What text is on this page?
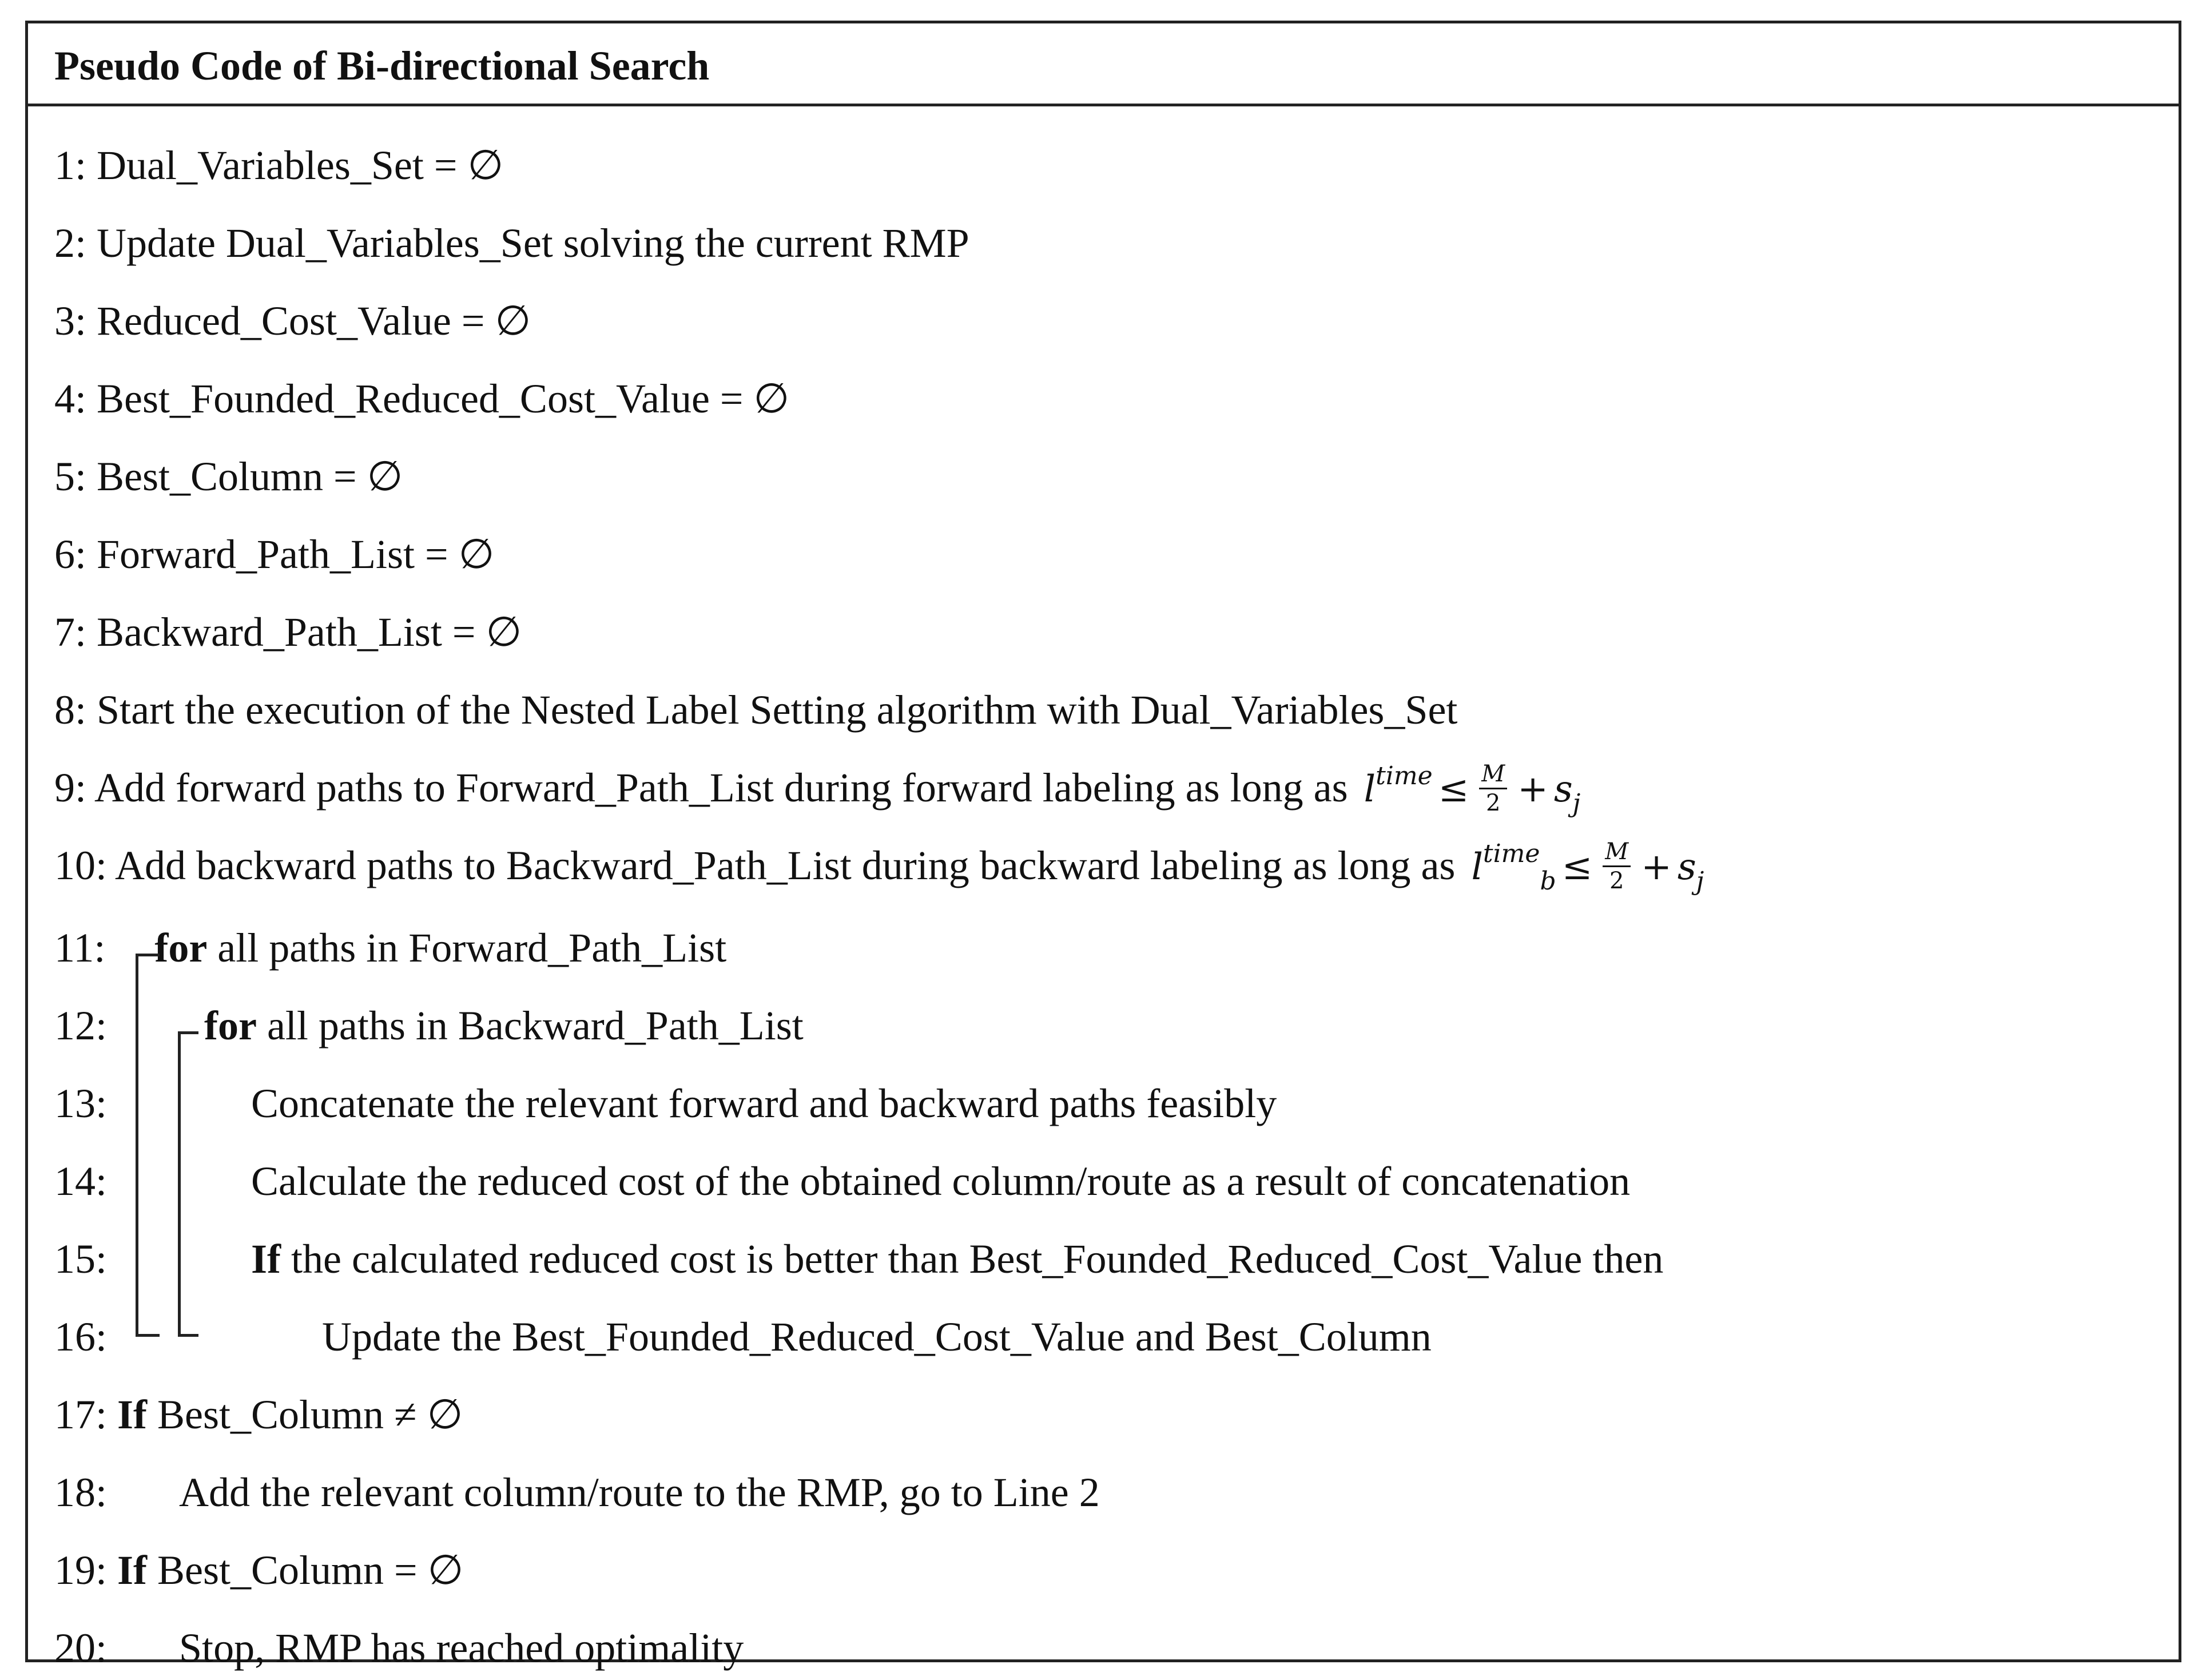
Pseudo Code of Bi-directional Search
1: Dual_Variables_Set = ∅
2: Update Dual_Variables_Set solving the current RMP
3: Reduced_Cost_Value = ∅
4: Best_Founded_Reduced_Cost_Value = ∅
5: Best_Column = ∅
6: Forward_Path_List = ∅
7: Backward_Path_List = ∅
8: Start the execution of the Nested Label Setting algorithm with Dual_Variables_Set
9: Add forward paths to Forward_Path_List during forward labeling as long as $l^{time} \le \frac{M}{2} + s_j$
10: Add backward paths to Backward_Path_List during backward labeling as long as $l^{time}_b \le \frac{M}{2} + s_j$
11: for all paths in Forward_Path_List
12: for all paths in Backward_Path_List
13:	Concatenate the relevant forward and backward paths feasibly
14:	Calculate the reduced cost of the obtained column/route as a result of concatenation
15:	If the calculated reduced cost is better than Best_Founded_Reduced_Cost_Value then
16:	Update the Best_Founded_Reduced_Cost_Value and Best_Column
17: If Best_Column ≠ ∅
18: Add the relevant column/route to the RMP, go to Line 2
19: If Best_Column = ∅
20: Stop, RMP has reached optimality
